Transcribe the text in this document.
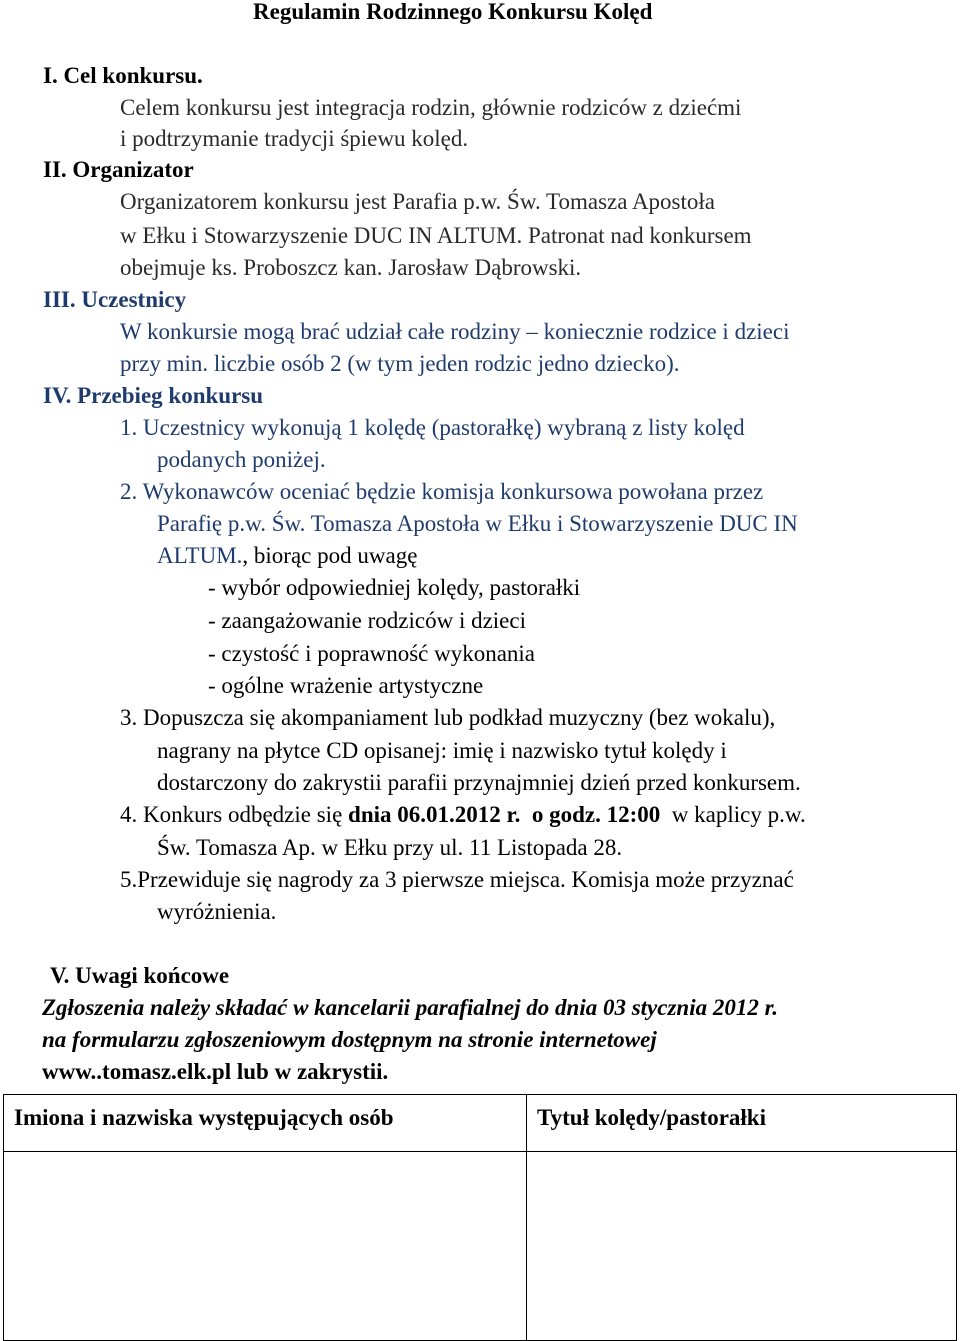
Regulamin Rodzinnego Konkursu Kolęd
I. Cel konkursu.
Celem konkursu jest integracja rodzin, głównie rodziców z dziećmi
i podtrzymanie tradycji śpiewu kolęd.
II. Organizator
Organizatorem konkursu jest Parafia p.w. Św. Tomasza Apostoła
w Ełku i Stowarzyszenie DUC IN ALTUM. Patronat nad konkursem
obejmuje ks. Proboszcz kan. Jarosław Dąbrowski.
III. Uczestnicy
W konkursie mogą brać udział całe rodziny – koniecznie rodzice i dzieci
przy min. liczbie osób 2 (w tym jeden rodzic jedno dziecko).
IV. Przebieg konkursu
1. Uczestnicy wykonują 1 kolędę (pastorałkę) wybraną z listy kolęd
podanych poniżej.
2. Wykonawców oceniać będzie komisja konkursowa powołana przez
Parafię p.w. Św. Tomasza Apostoła w Ełku i Stowarzyszenie DUC IN
ALTUM., biorąc pod uwagę
- wybór odpowiedniej kolędy, pastorałki
- zaangażowanie rodziców i dzieci
- czystość i poprawność wykonania
- ogólne wrażenie artystyczne
3. Dopuszcza się akompaniament lub podkład muzyczny (bez wokalu),
nagrany na płytce CD opisanej: imię i nazwisko tytuł kolędy i
dostarczony do zakrystii parafii przynajmniej dzień przed konkursem.
4. Konkurs odbędzie się dnia 06.01.2012 r. o godz. 12:00 w kaplicy p.w.
Św. Tomasza Ap. w Ełku przy ul. 11 Listopada 28.
5.Przewiduje się nagrody za 3 pierwsze miejsca. Komisja może przyznać
wyróżnienia.
V. Uwagi końcowe
Zgłoszenia należy składać w kancelarii parafialnej do dnia 03 stycznia 2012 r.
na formularzu zgłoszeniowym dostępnym na stronie internetowej
www..tomasz.elk.pl lub w zakrystii.
Imiona i nazwiska występujących osób	Tytuł kolędy/pastorałki
